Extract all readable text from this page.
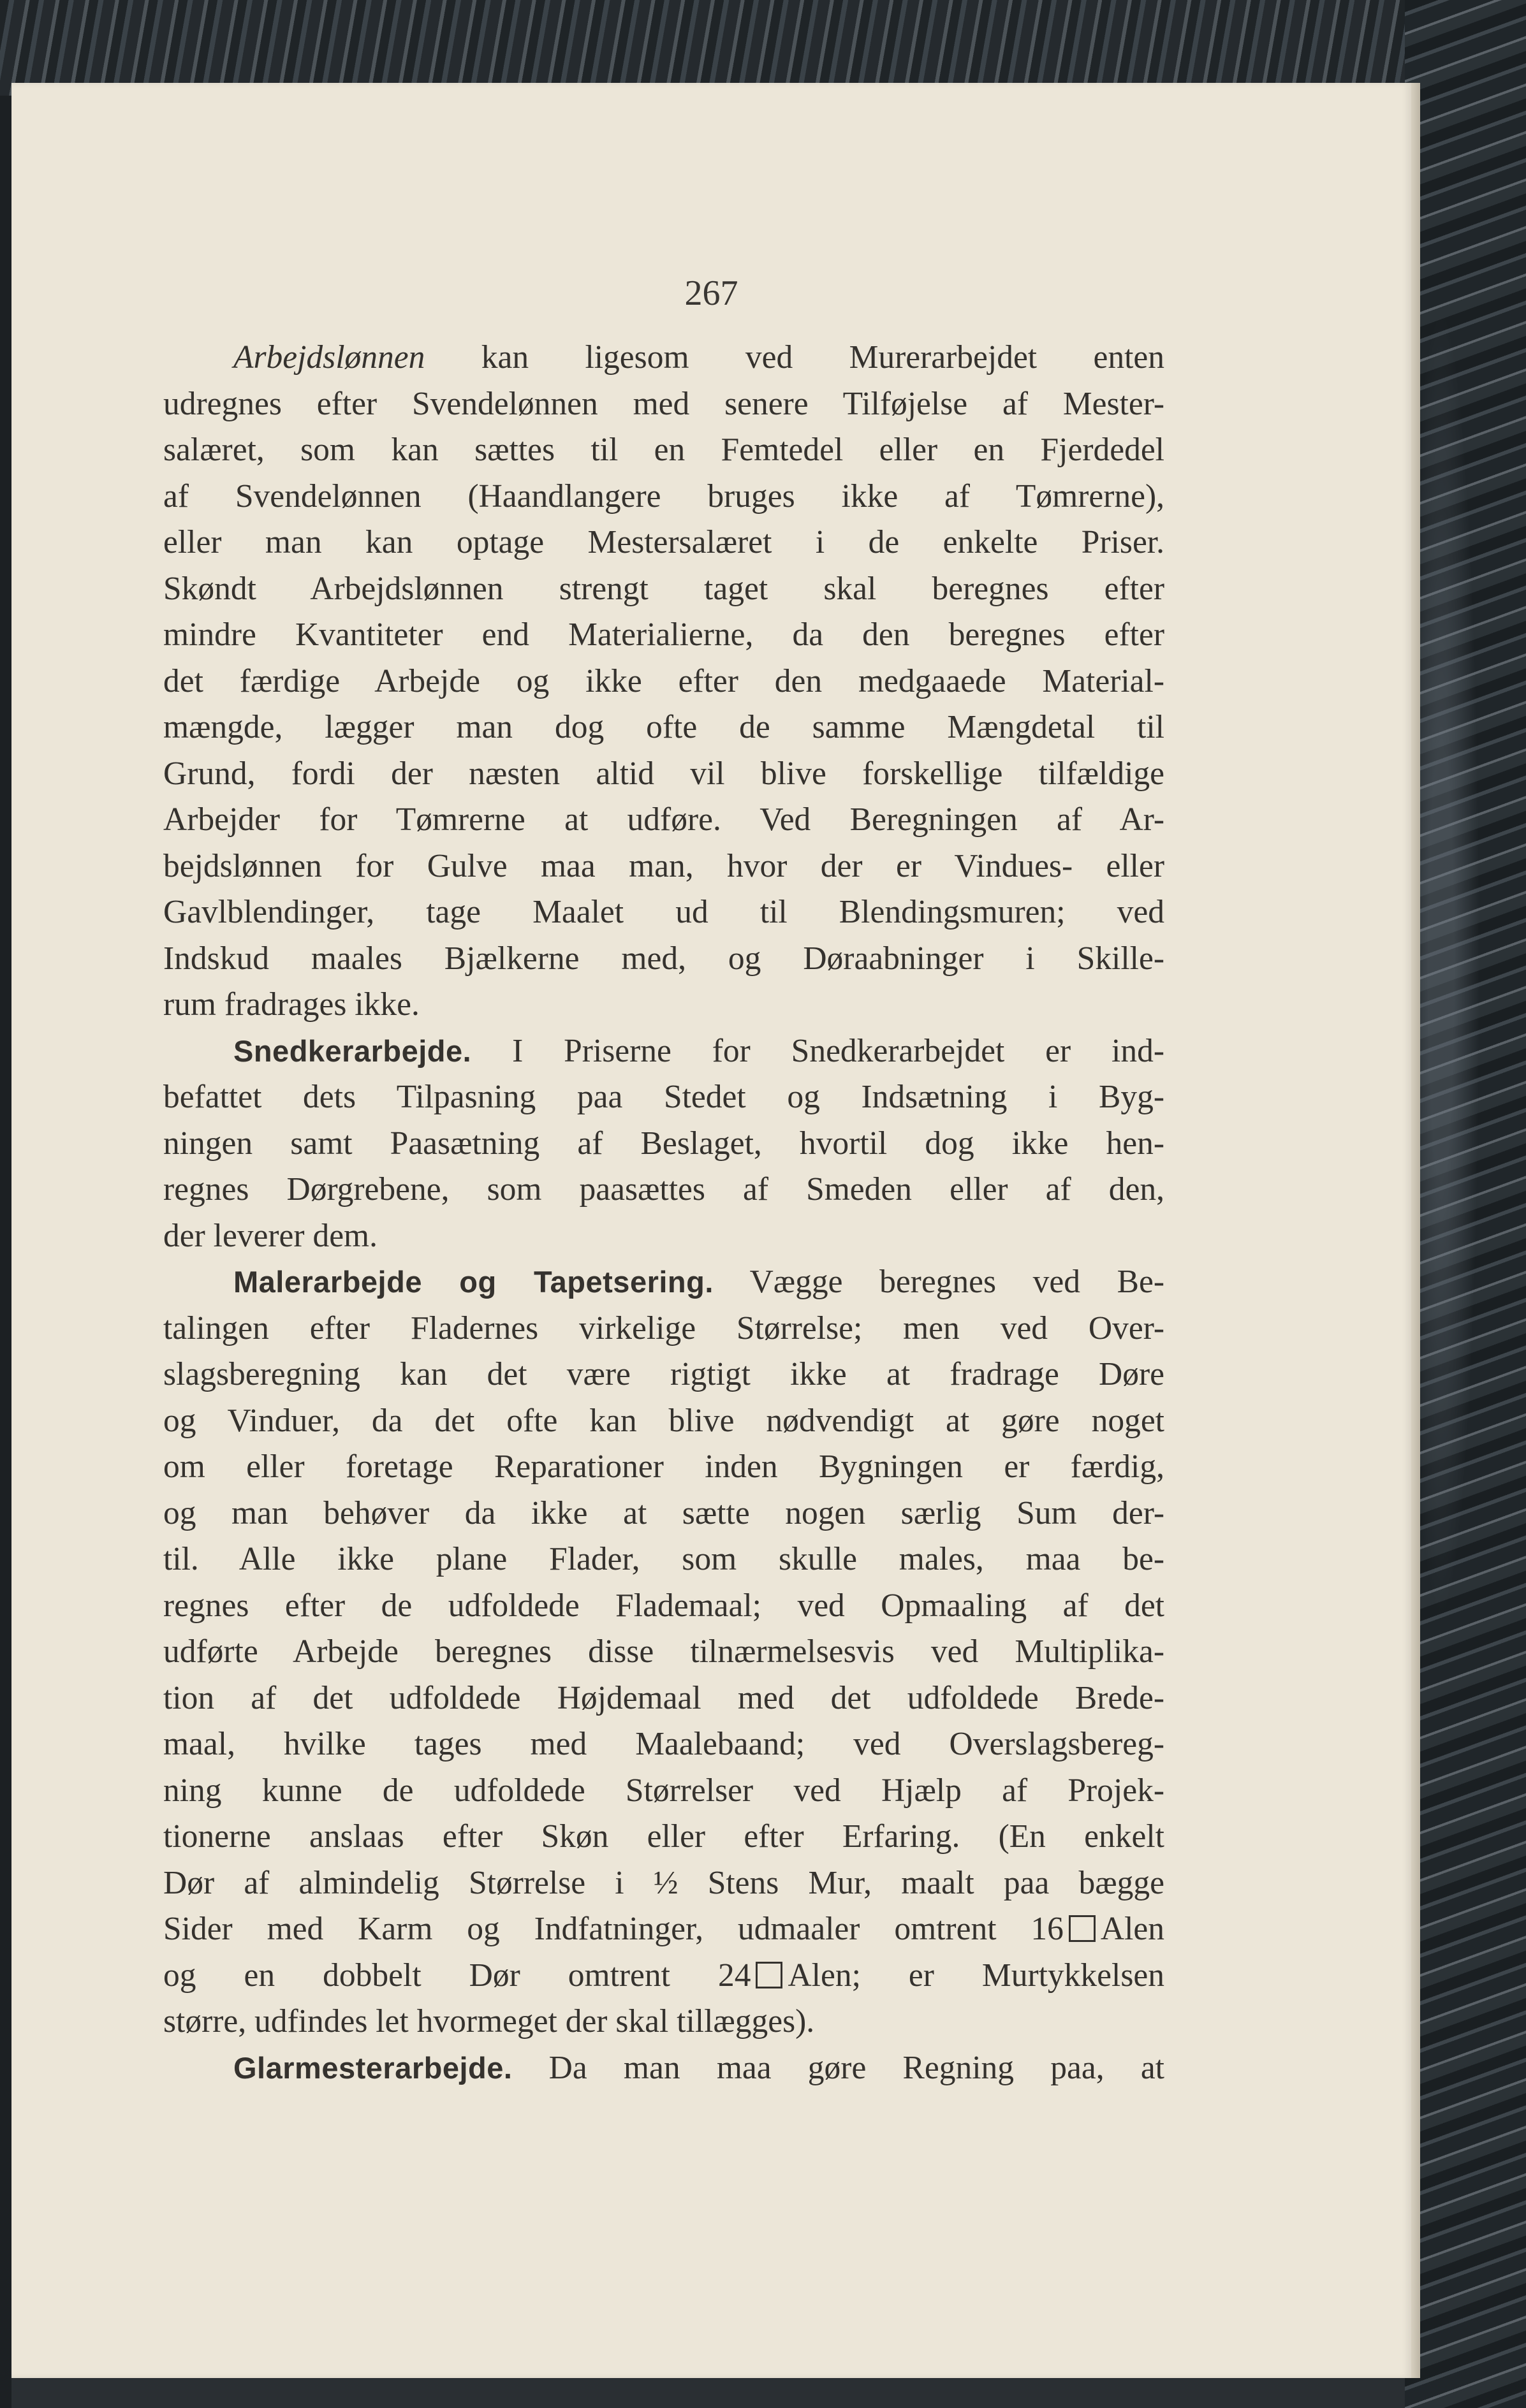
267
Arbejdslønnen kan ligesom ved Murerarbejdet enten
udregnes efter Svendelønnen med senere Tilføjelse af Mester-
salæret, som kan sættes til en Femtedel eller en Fjerdedel
af Svendelønnen (Haandlangere bruges ikke af Tømrerne),
eller man kan optage Mestersalæret i de enkelte Priser.
Skøndt Arbejdslønnen strengt taget skal beregnes efter
mindre Kvantiteter end Materialierne, da den beregnes efter
det færdige Arbejde og ikke efter den medgaaede Material-
mængde, lægger man dog ofte de samme Mængdetal til
Grund, fordi der næsten altid vil blive forskellige tilfældige
Arbejder for Tømrerne at udføre. Ved Beregningen af Ar-
bejdslønnen for Gulve maa man, hvor der er Vindues- eller
Gavlblendinger, tage Maalet ud til Blendingsmuren; ved
Indskud maales Bjælkerne med, og Døraabninger i Skille-
rum fradrages ikke.
Snedkerarbejde. I Priserne for Snedkerarbejdet er ind-
befattet dets Tilpasning paa Stedet og Indsætning i Byg-
ningen samt Paasætning af Beslaget, hvortil dog ikke hen-
regnes Dørgrebene, som paasættes af Smeden eller af den,
der leverer dem.
Malerarbejde og Tapetsering. Vægge beregnes ved Be-
talingen efter Fladernes virkelige Størrelse; men ved Over-
slagsberegning kan det være rigtigt ikke at fradrage Døre
og Vinduer, da det ofte kan blive nødvendigt at gøre noget
om eller foretage Reparationer inden Bygningen er færdig,
og man behøver da ikke at sætte nogen særlig Sum der-
til. Alle ikke plane Flader, som skulle males, maa be-
regnes efter de udfoldede Flademaal; ved Opmaaling af det
udførte Arbejde beregnes disse tilnærmelsesvis ved Multiplika-
tion af det udfoldede Højdemaal med det udfoldede Brede-
maal, hvilke tages med Maalebaand; ved Overslagsbereg-
ning kunne de udfoldede Størrelser ved Hjælp af Projek-
tionerne anslaas efter Skøn eller efter Erfaring. (En enkelt
Dør af almindelig Størrelse i ½ Stens Mur, maalt paa bægge
Sider med Karm og Indfatninger, udmaaler omtrent 16 Alen
og en dobbelt Dør omtrent 24 Alen; er Murtykkelsen
større, udfindes let hvormeget der skal tillægges).
Glarmesterarbejde. Da man maa gøre Regning paa, at
